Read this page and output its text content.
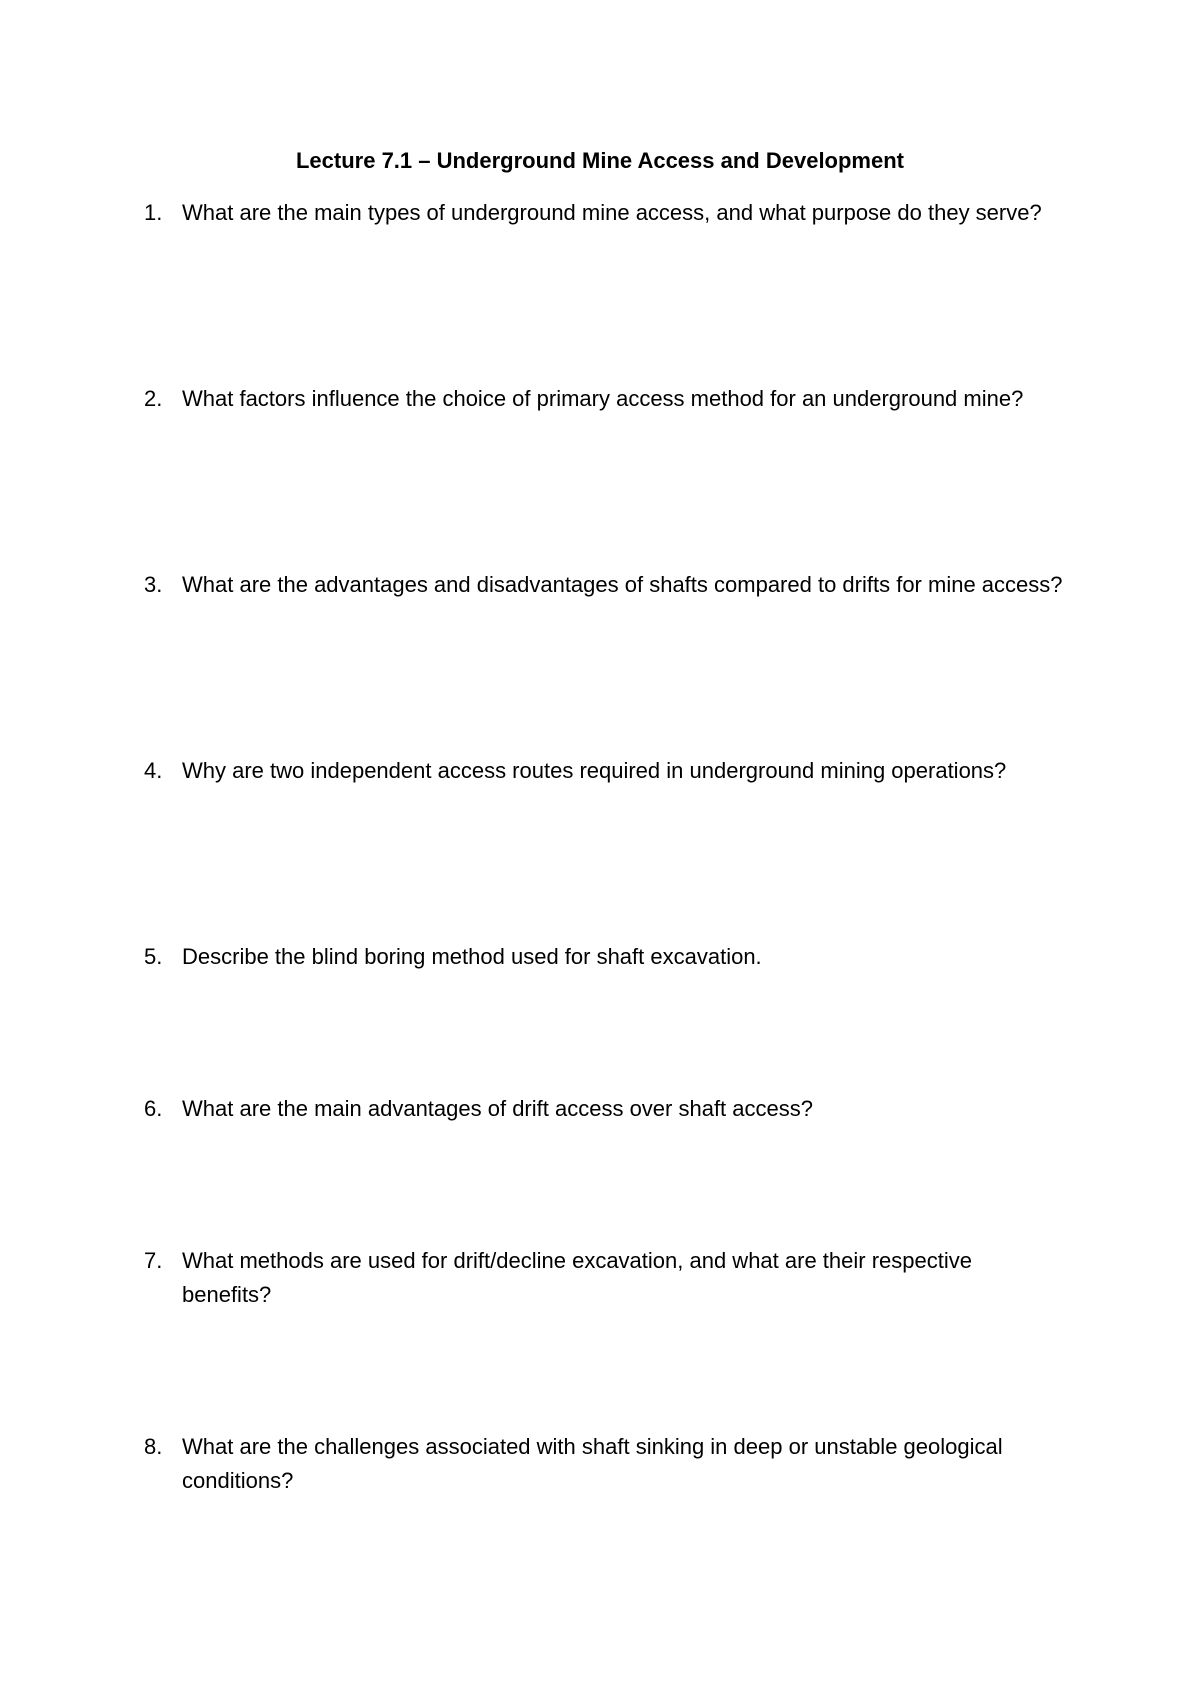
Lecture 7.1 – Underground Mine Access and Development
1. What are the main types of underground mine access, and what purpose do they serve?
2. What factors influence the choice of primary access method for an underground mine?
3. What are the advantages and disadvantages of shafts compared to drifts for mine access?
4. Why are two independent access routes required in underground mining operations?
5. Describe the blind boring method used for shaft excavation.
6. What are the main advantages of drift access over shaft access?
7. What methods are used for drift/decline excavation, and what are their respective benefits?
8. What are the challenges associated with shaft sinking in deep or unstable geological conditions?
